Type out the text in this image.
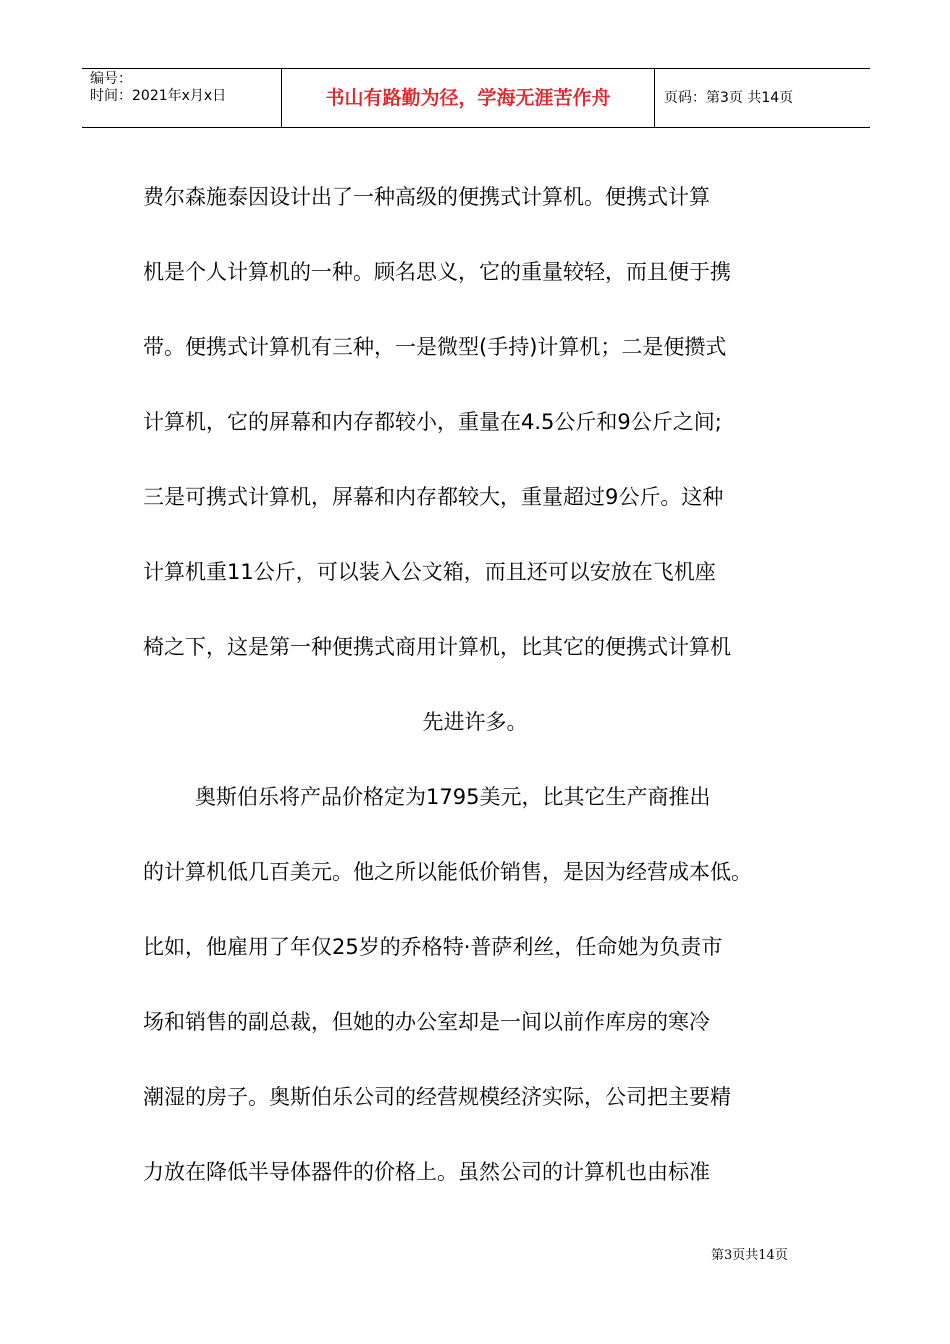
编号：
时间：2021年x月x日	书山有路勤为径，学海无涯苦作舟	页码：第3页 共14页
费尔森施泰因设计出了一种高级的便携式计算机。便携式计算
机是个人计算机的一种。顾名思义，它的重量较轻，而且便于携
带。便携式计算机有三种，一是微型(手持)计算机；二是便攒式
计算机，它的屏幕和内存都较小，重量在4.5公斤和9公斤之间;
三是可携式计算机，屏幕和内存都较大，重量超过9公斤。这种
计算机重11公斤，可以装入公文箱，而且还可以安放在飞机座
椅之下，这是第一种便携式商用计算机，比其它的便携式计算机
先进许多。
奥斯伯乐将产品价格定为1795美元，比其它生产商推出
的计算机低几百美元。他之所以能低价销售，是因为经营成本低。
比如，他雇用了年仅25岁的乔格特·普萨利丝，任命她为负责市
场和销售的副总裁，但她的办公室却是一间以前作库房的寒冷
潮湿的房子。奥斯伯乐公司的经营规模经济实际，公司把主要精
力放在降低半导体器件的价格上。虽然公司的计算机也由标准
第3页共14页
